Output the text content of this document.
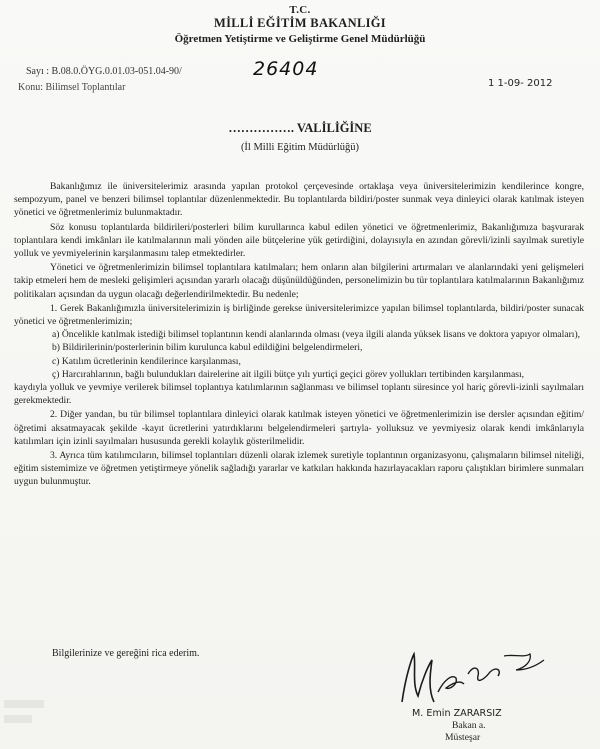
T.C.
MİLLİ EĞİTİM BAKANLIĞI
Öğretmen Yetiştirme ve Geliştirme Genel Müdürlüğü
Sayı : B.08.0.ÖYG.0.01.03-051.04-90/	26404
Konu: Bilimsel Toplantılar	1 1-09- 2012
……………. VALİLİĞİNE
(İl Milli Eğitim Müdürlüğü)

Bakanlığımız ile üniversitelerimiz arasında yapılan protokol çerçevesinde ortaklaşa veya üniversitelerimizin kendilerince kongre, sempozyum, panel ve benzeri bilimsel toplantılar düzenlenmektedir. Bu toplantılarda bildiri/poster sunmak veya dinleyici olarak katılmak isteyen yönetici ve öğretmenlerimiz bulunmaktadır.

Söz konusu toplantılarda bildirileri/posterleri bilim kurullarınca kabul edilen yönetici ve öğretmenlerimiz, Bakanlığımıza başvurarak toplantılara kendi imkânları ile katılmalarının mali yönden aile bütçelerine yük getirdiğini, dolayısıyla en azından görevli/izinli sayılmak suretiyle yolluk ve yevmiyelerinin karşılanmasını talep etmektedirler.

Yönetici ve öğretmenlerimizin bilimsel toplantılara katılmaları; hem onların alan bilgilerini artırmaları ve alanlarındaki yeni gelişmeleri takip etmeleri hem de mesleki gelişimleri açısından yararlı olacağı düşünüldüğünden, personelimizin bu tür toplantılara katılmalarının Bakanlığımız politikaları açısından da uygun olacağı değerlendirilmektedir. Bu nedenle;

1. Gerek Bakanlığımızla üniversitelerimizin iş birliğinde gerekse üniversitelerimizce yapılan bilimsel toplantılarda, bildiri/poster sunacak yönetici ve öğretmenlerimizin;

a) Öncelikle katılmak istediği bilimsel toplantının kendi alanlarında olması (veya ilgili alanda yüksek lisans ve doktora yapıyor olmaları),

b) Bildirilerinin/posterlerinin bilim kurulunca kabul edildiğini belgelendirmeleri,

c) Katılım ücretlerinin kendilerince karşılanması,

ç) Harcırahlarının, bağlı bulundukları dairelerine ait ilgili bütçe yılı yurtiçi geçici görev yollukları tertibinden karşılanması,

kaydıyla yolluk ve yevmiye verilerek bilimsel toplantıya katılımlarının sağlanması ve bilimsel toplantı süresince yol hariç görevli-izinli sayılmaları gerekmektedir.

2. Diğer yandan, bu tür bilimsel toplantılara dinleyici olarak katılmak isteyen yönetici ve öğretmenlerimizin ise dersler açısından eğitim/öğretimi aksatmayacak şekilde -kayıt ücretlerini yatırdıklarını belgelendirmeleri şartıyla- yolluksuz ve yevmiyesiz olarak kendi imkânlarıyla katılımları için izinli sayılmaları hususunda gerekli kolaylık gösterilmelidir.

3. Ayrıca tüm katılımcıların, bilimsel toplantıları düzenli olarak izlemek suretiyle toplantının organizasyonu, çalışmaların bilimsel niteliği, eğitim sistemimize ve öğretmen yetiştirmeye yönelik sağladığı yararlar ve katkıları hakkında hazırlayacakları raporu çalıştıkları birimlere sunmaları uygun bulunmuştur.

Bilgilerinize ve gereğini rica ederim.
M. Emin ZARARSIZ
Bakan a.
Müsteşar
